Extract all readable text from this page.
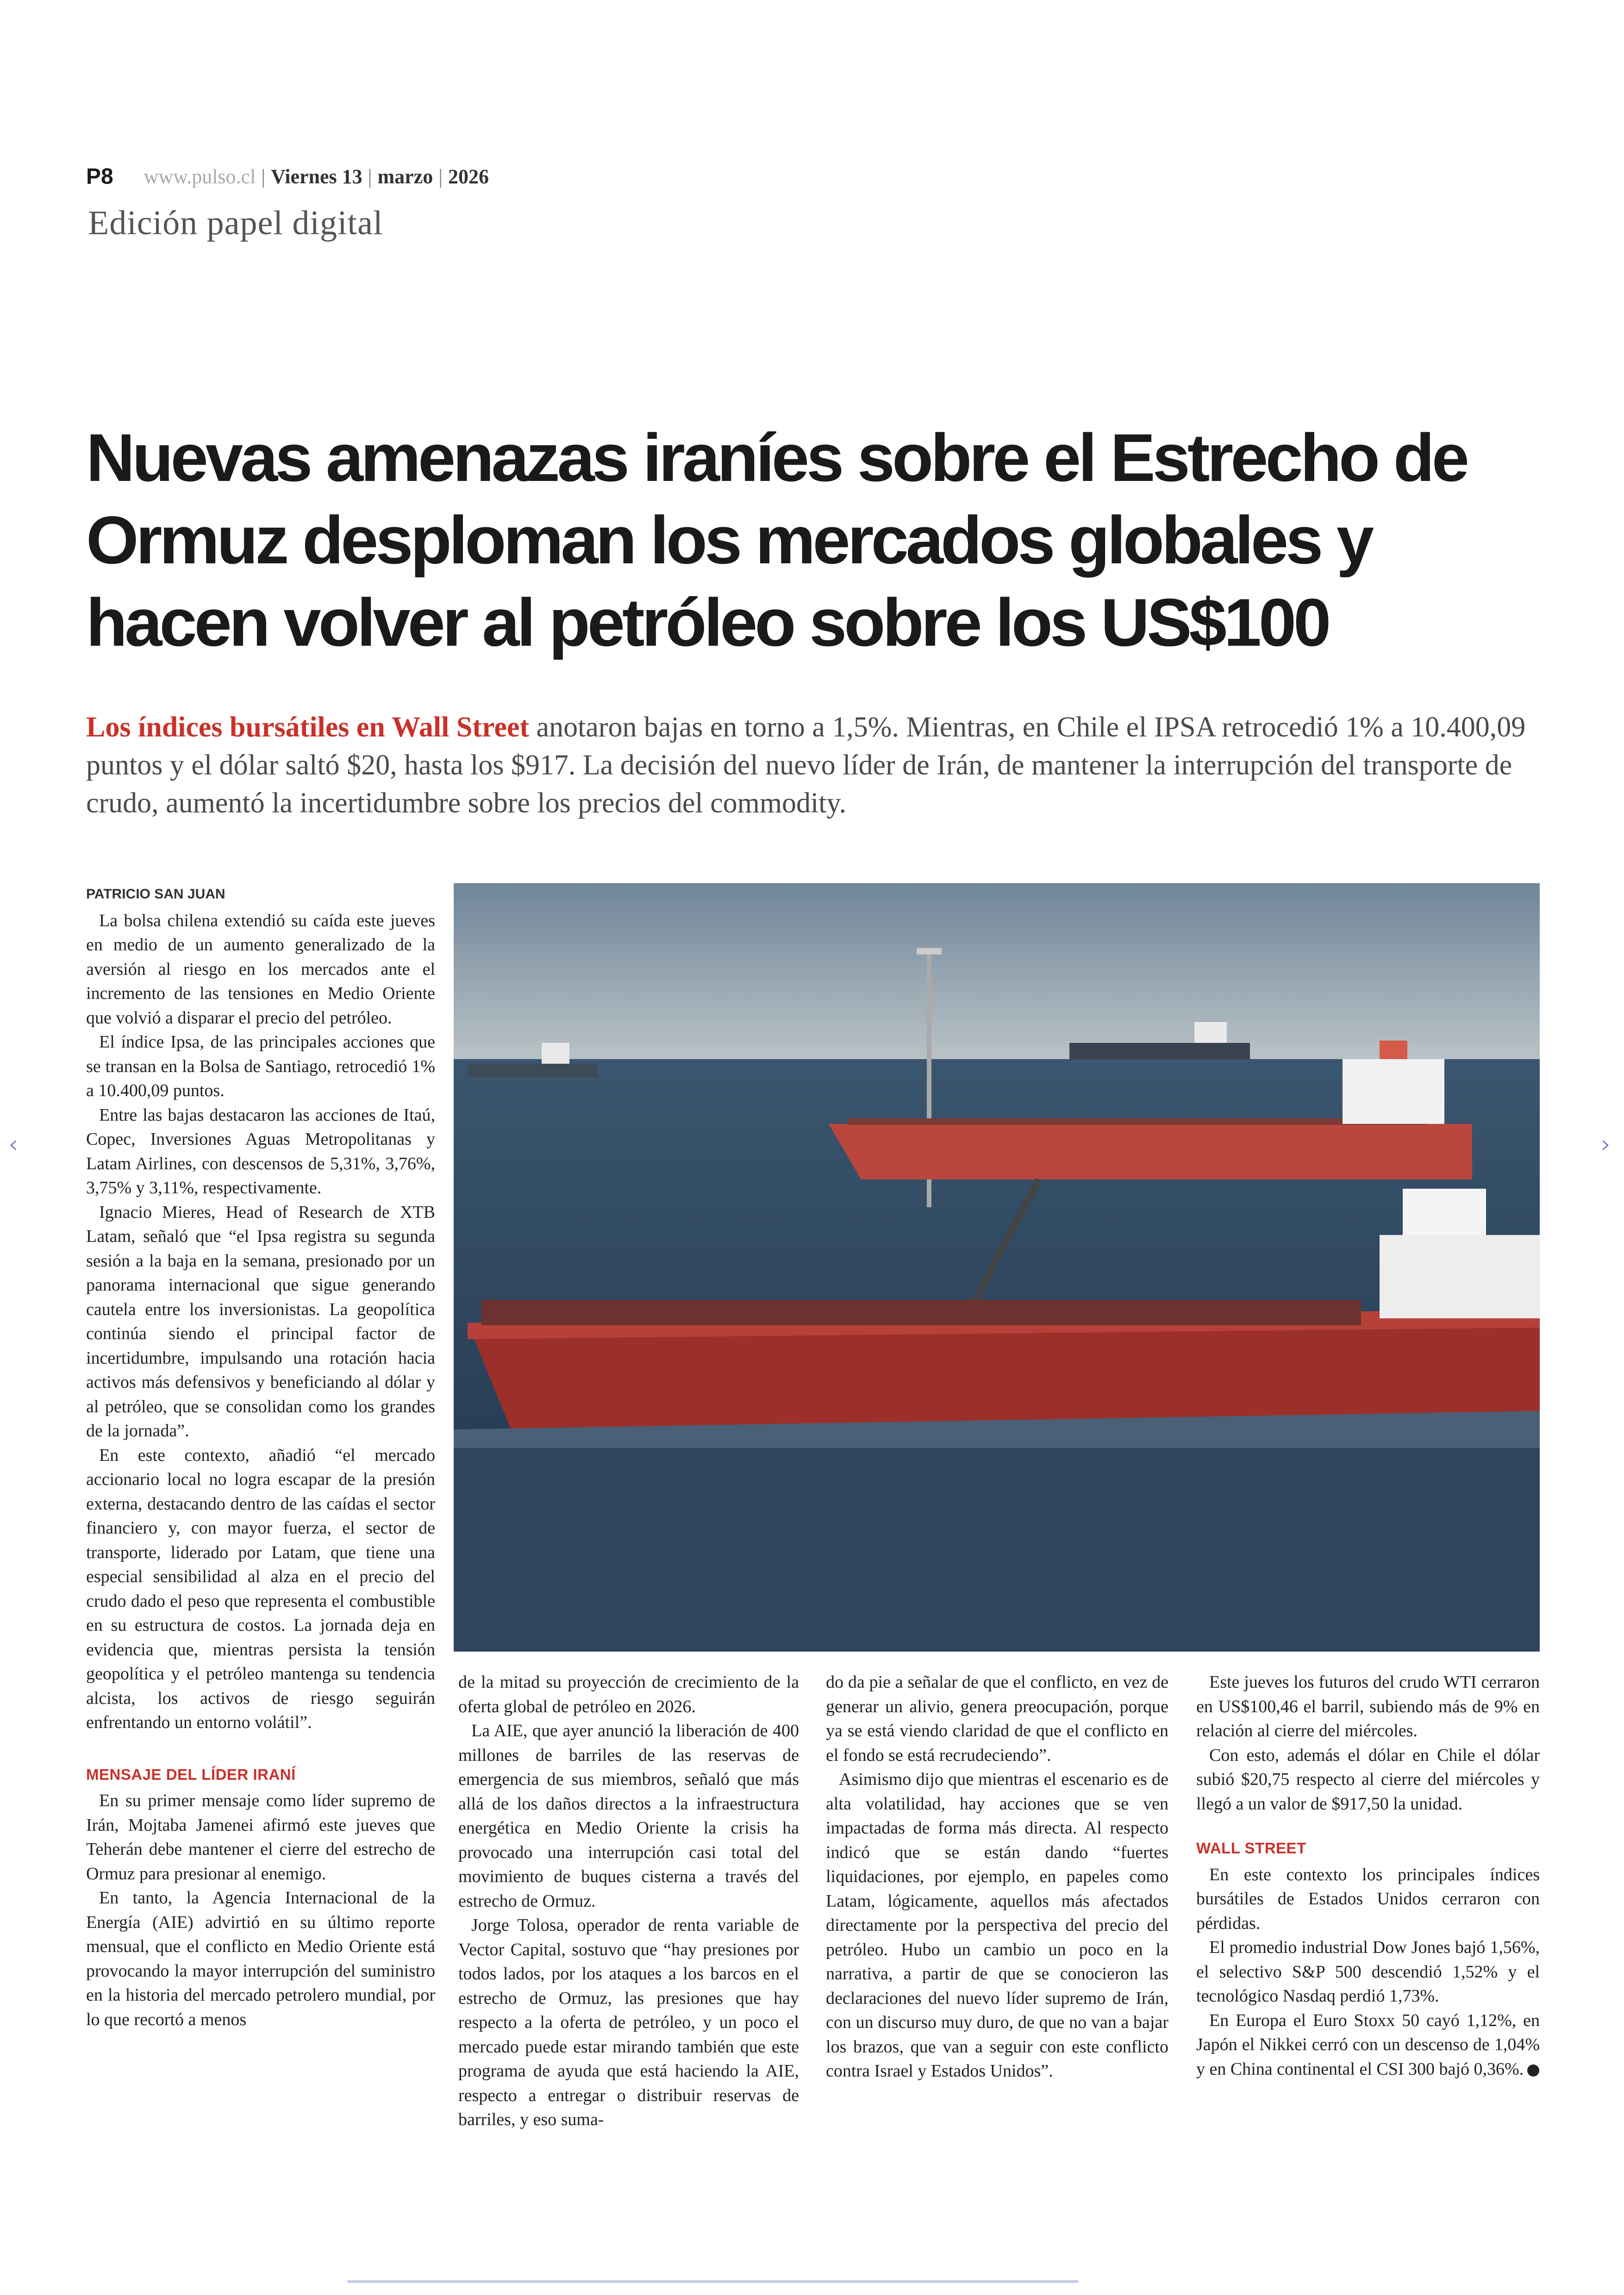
P8 www.pulso.cl | Viernes 13 | marzo | 2026
Edición papel digital
Nuevas amenazas iraníes sobre el Estrecho de Ormuz desploman los mercados globales y hacen volver al petróleo sobre los US$100

Los índices bursátiles en Wall Street anotaron bajas en torno a 1,5%. Mientras, en Chile el IPSA retrocedió 1% a 10.400,09 puntos y el dólar saltó $20, hasta los $917. La decisión del nuevo líder de Irán, de mantener la interrupción del transporte de crudo, aumentó la incertidumbre sobre los precios del commodity.

PATRICIO SAN JUAN

La bolsa chilena extendió su caída este jueves en medio de un aumento generalizado de la aversión al riesgo en los mercados ante el incremento de las tensiones en Medio Oriente que volvió a disparar el precio del petróleo.

El índice Ipsa, de las principales acciones que se transan en la Bolsa de Santiago, retrocedió 1% a 10.400,09 puntos.

Entre las bajas destacaron las acciones de Itaú, Copec, Inversiones Aguas Metropolitanas y Latam Airlines, con descensos de 5,31%, 3,76%, 3,75% y 3,11%, respectivamente.

Ignacio Mieres, Head of Research de XTB Latam, señaló que “el Ipsa registra su segunda sesión a la baja en la semana, presionado por un panorama internacional que sigue generando cautela entre los inversionistas. La geopolítica continúa siendo el principal factor de incertidumbre, impulsando una rotación hacia activos más defensivos y beneficiando al dólar y al petróleo, que se consolidan como los grandes de la jornada”.

En este contexto, añadió “el mercado accionario local no logra escapar de la presión externa, destacando dentro de las caídas el sector financiero y, con mayor fuerza, el sector de transporte, liderado por Latam, que tiene una especial sensibilidad al alza en el precio del crudo dado el peso que representa el combustible en su estructura de costos. La jornada deja en evidencia que, mientras persista la tensión geopolítica y el petróleo mantenga su tendencia alcista, los activos de riesgo seguirán enfrentando un entorno volátil”.

MENSAJE DEL LÍDER IRANÍ

En su primer mensaje como líder supremo de Irán, Mojtaba Jamenei afirmó este jueves que Teherán debe mantener el cierre del estrecho de Ormuz para presionar al enemigo.

En tanto, la Agencia Internacional de la Energía (AIE) advirtió en su último reporte mensual, que el conflicto en Medio Oriente está provocando la mayor interrupción del suministro en la historia del mercado petrolero mundial, por lo que recortó a menos

de la mitad su proyección de crecimiento de la oferta global de petróleo en 2026.

La AIE, que ayer anunció la liberación de 400 millones de barriles de las reservas de emergencia de sus miembros, señaló que más allá de los daños directos a la infraestructura energética en Medio Oriente la crisis ha provocado una interrupción casi total del movimiento de buques cisterna a través del estrecho de Ormuz.

Jorge Tolosa, operador de renta variable de Vector Capital, sostuvo que “hay presiones por todos lados, por los ataques a los barcos en el estrecho de Ormuz, las presiones que hay respecto a la oferta de petróleo, y un poco el mercado puede estar mirando también que este programa de ayuda que está haciendo la AIE, respecto a entregar o distribuir reservas de barriles, y eso suma-

do da pie a señalar de que el conflicto, en vez de generar un alivio, genera preocupación, porque ya se está viendo claridad de que el conflicto en el fondo se está recrudeciendo”.

Asimismo dijo que mientras el escenario es de alta volatilidad, hay acciones que se ven impactadas de forma más directa. Al respecto indicó que se están dando “fuertes liquidaciones, por ejemplo, en papeles como Latam, lógicamente, aquellos más afectados directamente por la perspectiva del precio del petróleo. Hubo un cambio un poco en la narrativa, a partir de que se conocieron las declaraciones del nuevo líder supremo de Irán, con un discurso muy duro, de que no van a bajar los brazos, que van a seguir con este conflicto contra Israel y Estados Unidos”.

Este jueves los futuros del crudo WTI cerraron en US$100,46 el barril, subiendo más de 9% en relación al cierre del miércoles.

Con esto, además el dólar en Chile el dólar subió $20,75 respecto al cierre del miércoles y llegó a un valor de $917,50 la unidad.

WALL STREET

En este contexto los principales índices bursátiles de Estados Unidos cerraron con pérdidas.

El promedio industrial Dow Jones bajó 1,56%, el selectivo S&P 500 descendió 1,52% y el tecnológico Nasdaq perdió 1,73%.

En Europa el Euro Stoxx 50 cayó 1,12%, en Japón el Nikkei cerró con un descenso de 1,04% y en China continental el CSI 300 bajó 0,36%.

‹	›
